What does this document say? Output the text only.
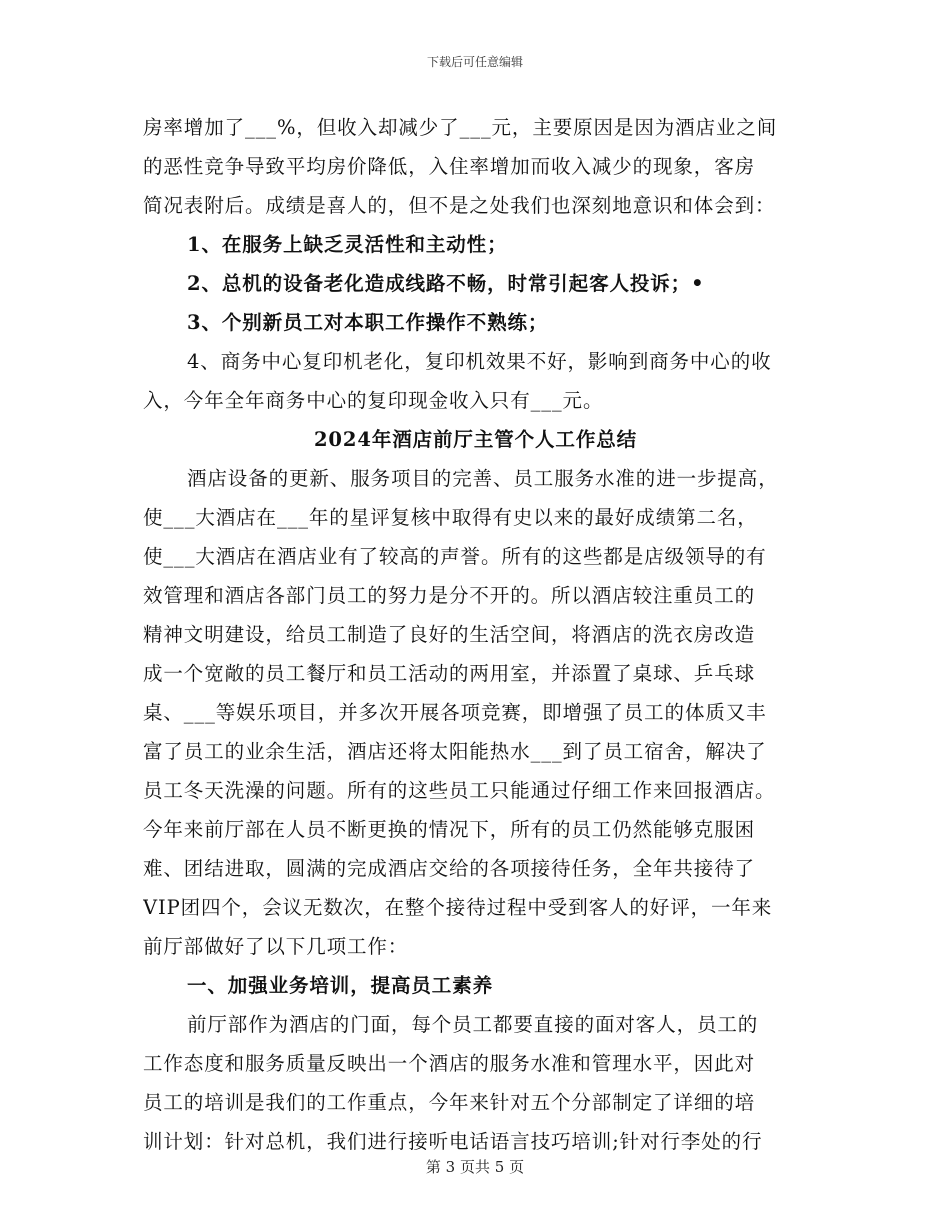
下载后可任意编辑
房率增加了___%，但收入却减少了___元，主要原因是因为酒店业之间
的恶性竞争导致平均房价降低，入住率增加而收入减少的现象，客房
简况表附后。成绩是喜人的，但不是之处我们也深刻地意识和体会到：
1、在服务上缺乏灵活性和主动性；
2、总机的设备老化造成线路不畅，时常引起客人投诉；•
3、个别新员工对本职工作操作不熟练；
4、商务中心复印机老化，复印机效果不好，影响到商务中心的收
入，今年全年商务中心的复印现金收入只有___元。
2024年酒店前厅主管个人工作总结
酒店设备的更新、服务项目的完善、员工服务水准的进一步提高，
使___大酒店在___年的星评复核中取得有史以来的最好成绩第二名，
使___大酒店在酒店业有了较高的声誉。所有的这些都是店级领导的有
效管理和酒店各部门员工的努力是分不开的。所以酒店较注重员工的
精神文明建设，给员工制造了良好的生活空间，将酒店的洗衣房改造
成一个宽敞的员工餐厅和员工活动的两用室，并添置了桌球、乒乓球
桌、___等娱乐项目，并多次开展各项竞赛，即增强了员工的体质又丰
富了员工的业余生活，酒店还将太阳能热水___到了员工宿舍，解决了
员工冬天洗澡的问题。所有的这些员工只能通过仔细工作来回报酒店。
今年来前厅部在人员不断更换的情况下，所有的员工仍然能够克服困
难、团结进取，圆满的完成酒店交给的各项接待任务，全年共接待了
VIP团四个，会议无数次，在整个接待过程中受到客人的好评，一年来
前厅部做好了以下几项工作：
一、加强业务培训，提高员工素养
前厅部作为酒店的门面，每个员工都要直接的面对客人，员工的
工作态度和服务质量反映出一个酒店的服务水准和管理水平，因此对
员工的培训是我们的工作重点，今年来针对五个分部制定了详细的培
训计划：针对总机，我们进行接听电话语言技巧培训;针对行李处的行
第 3 页共 5 页
